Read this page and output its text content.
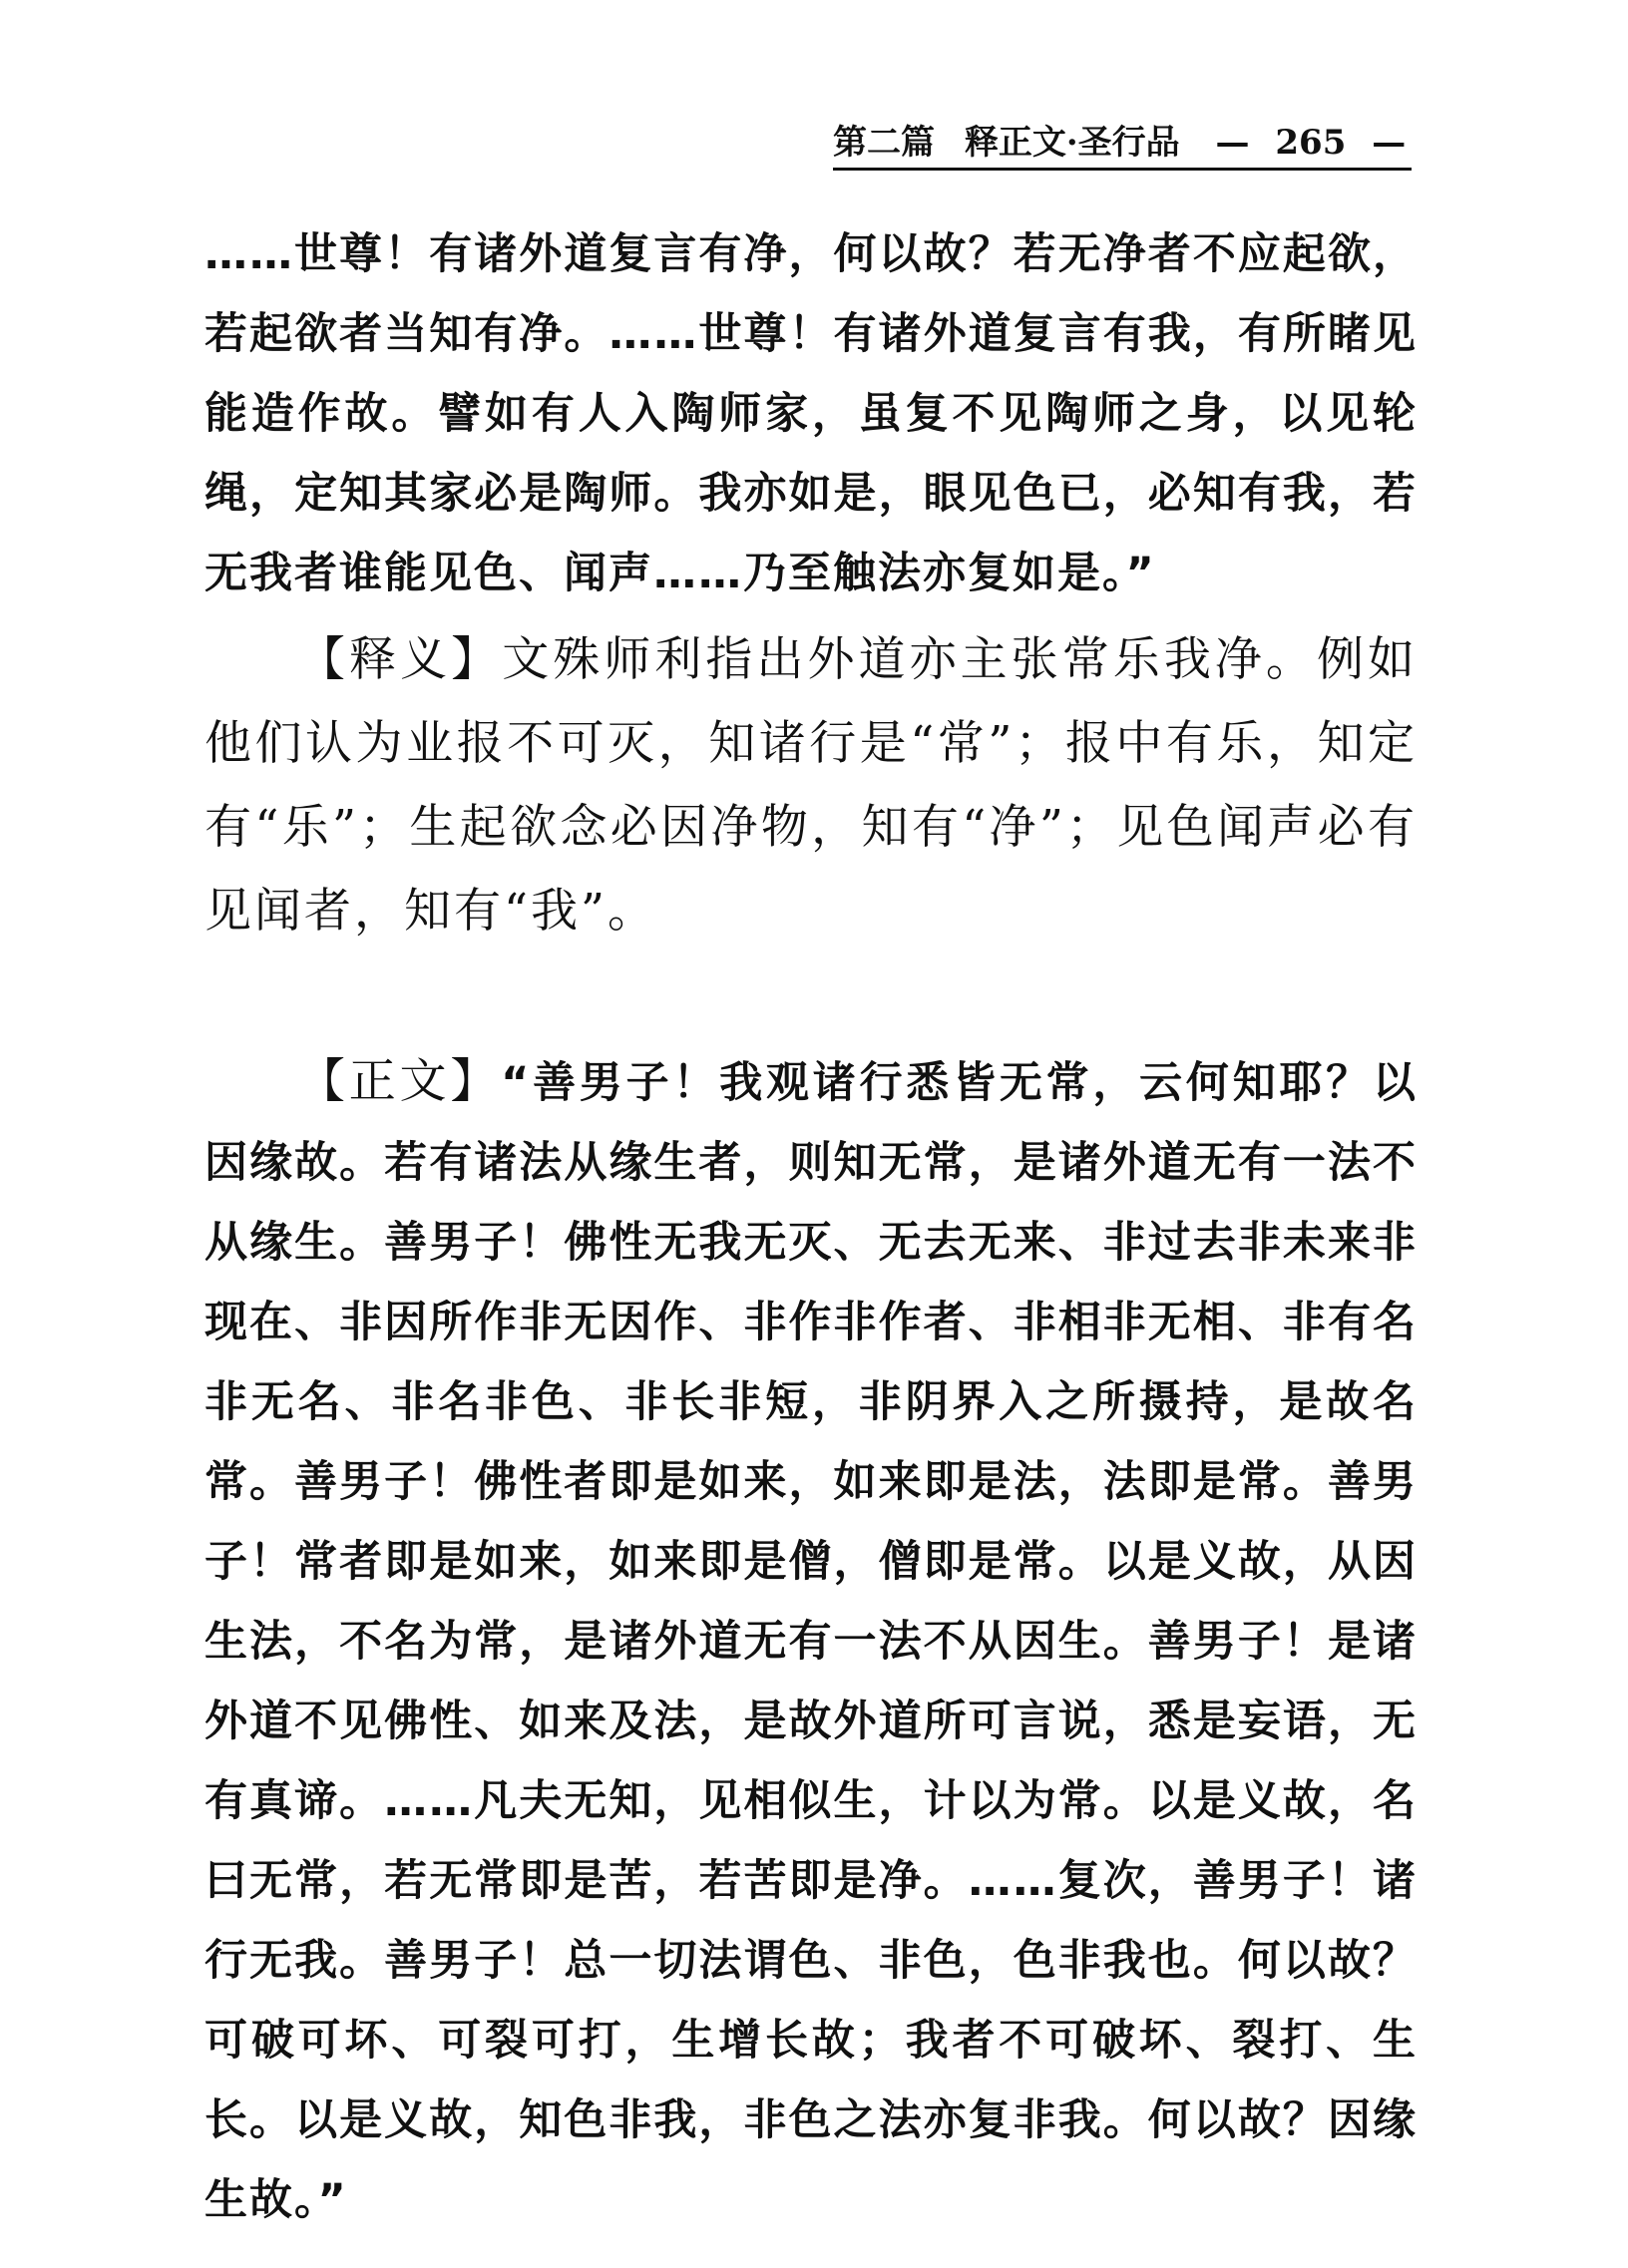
第二篇 释正文·圣行品 — 265 —

……世尊！有诸外道复言有净，何以故？若无净者不应起欲，若起欲者当知有净。……世尊！有诸外道复言有我，有所睹见能造作故。譬如有人入陶师家，虽复不见陶师之身，以见轮绳，定知其家必是陶师。我亦如是，眼见色已，必知有我，若无我者谁能见色、闻声……乃至触法亦复如是。”

【释义】文殊师利指出外道亦主张常乐我净。例如他们认为业报不可灭，知诸行是“常”；报中有乐，知定有“乐”；生起欲念必因净物，知有“净”；见色闻声必有见闻者，知有“我”。

【正文】“善男子！我观诸行悉皆无常，云何知耶？以因缘故。若有诸法从缘生者，则知无常，是诸外道无有一法不从缘生。善男子！佛性无我无灭、无去无来、非过去非未来非现在、非因所作非无因作、非作非作者、非相非无相、非有名非无名、非名非色、非长非短，非阴界入之所摄持，是故名常。善男子！佛性者即是如来，如来即是法，法即是常。善男子！常者即是如来，如来即是僧，僧即是常。以是义故，从因生法，不名为常，是诸外道无有一法不从因生。善男子！是诸外道不见佛性、如来及法，是故外道所可言说，悉是妄语，无有真谛。……凡夫无知，见相似生，计以为常。以是义故，名曰无常，若无常即是苦，若苦即是净。……复次，善男子！诸行无我。善男子！总一切法谓色、非色，色非我也。何以故？可破可坏、可裂可打，生增长故；我者不可破坏、裂打、生长。以是义故，知色非我，非色之法亦复非我。何以故？因缘生故。”
